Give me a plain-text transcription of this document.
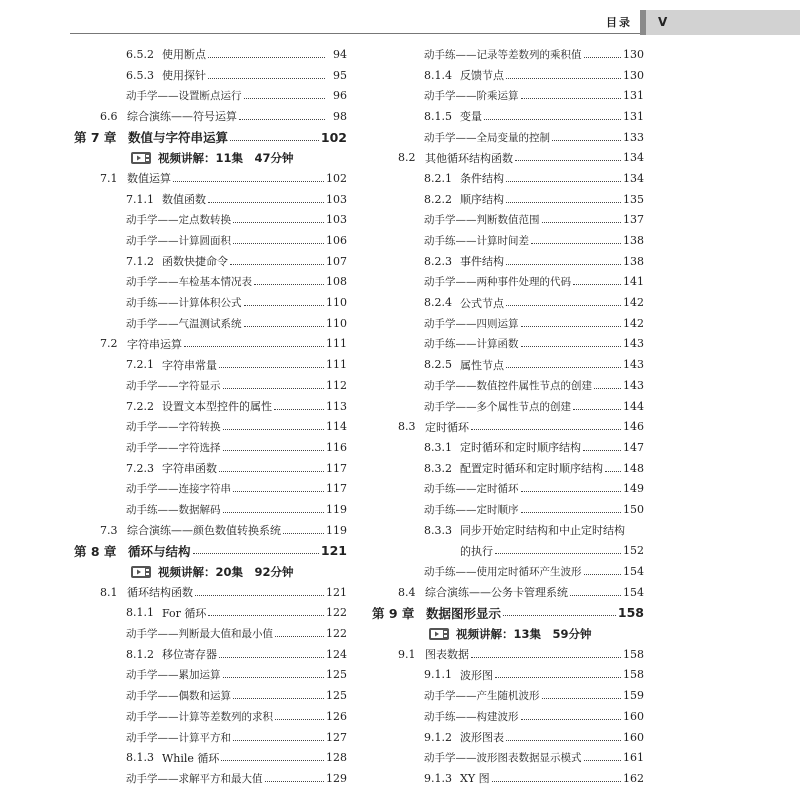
目录 V
6.5.2 使用断点	94
6.5.3 使用探针	95
动手学——设置断点运行	96
6.6 综合演练——符号运算	98
第 7 章 数值与字符串运算	102
视频讲解：11集　47分钟
7.1 数值运算	102
7.1.1 数值函数	103
动手学——定点数转换	103
动手学——计算圆面积	106
7.1.2 函数快捷命令	107
动手学——车检基本情况表	108
动手练——计算体积公式	110
动手学——气温测试系统	110
7.2 字符串运算	111
7.2.1 字符串常量	111
动手学——字符显示	112
7.2.2 设置文本型控件的属性	113
动手学——字符转换	114
动手学——字符选择	116
7.2.3 字符串函数	117
动手学——连接字符串	117
动手练——数据解码	119
7.3 综合演练——颜色数值转换系统	119
第 8 章 循环与结构	121
视频讲解：20集　92分钟
8.1 循环结构函数	121
8.1.1 For 循环	122
动手学——判断最大值和最小值	122
8.1.2 移位寄存器	124
动手学——累加运算	125
动手学——偶数和运算	125
动手学——计算等差数列的求积	126
动手学——计算平方和	127
8.1.3 While 循环	128
动手学——求解平方和最大值	129
动手练——记录等差数列的乘积值	130
8.1.4 反馈节点	130
动手学——阶乘运算	131
8.1.5 变量	131
动手学——全局变量的控制	133
8.2 其他循环结构函数	134
8.2.1 条件结构	134
8.2.2 顺序结构	135
动手学——判断数值范围	137
动手练——计算时间差	138
8.2.3 事件结构	138
动手学——两种事件处理的代码	141
8.2.4 公式节点	142
动手学——四则运算	142
动手练——计算函数	143
8.2.5 属性节点	143
动手学——数值控件属性节点的创建	143
动手学——多个属性节点的创建	144
8.3 定时循环	146
8.3.1 定时循环和定时顺序结构	147
8.3.2 配置定时循环和定时顺序结构 148
动手练——定时循环	149
动手练——定时顺序	150
8.3.3 同步开始定时结构和中止定时结构
的执行	152
动手练——使用定时循环产生波形	154
8.4 综合演练——公务卡管理系统	154
第 9 章 数据图形显示	158
视频讲解：13集　59分钟
9.1 图表数据	158
9.1.1 波形图	158
动手学——产生随机波形	159
动手练——构建波形	160
9.1.2 波形图表	160
动手学——波形图表数据显示模式	161
9.1.3 XY 图	162
